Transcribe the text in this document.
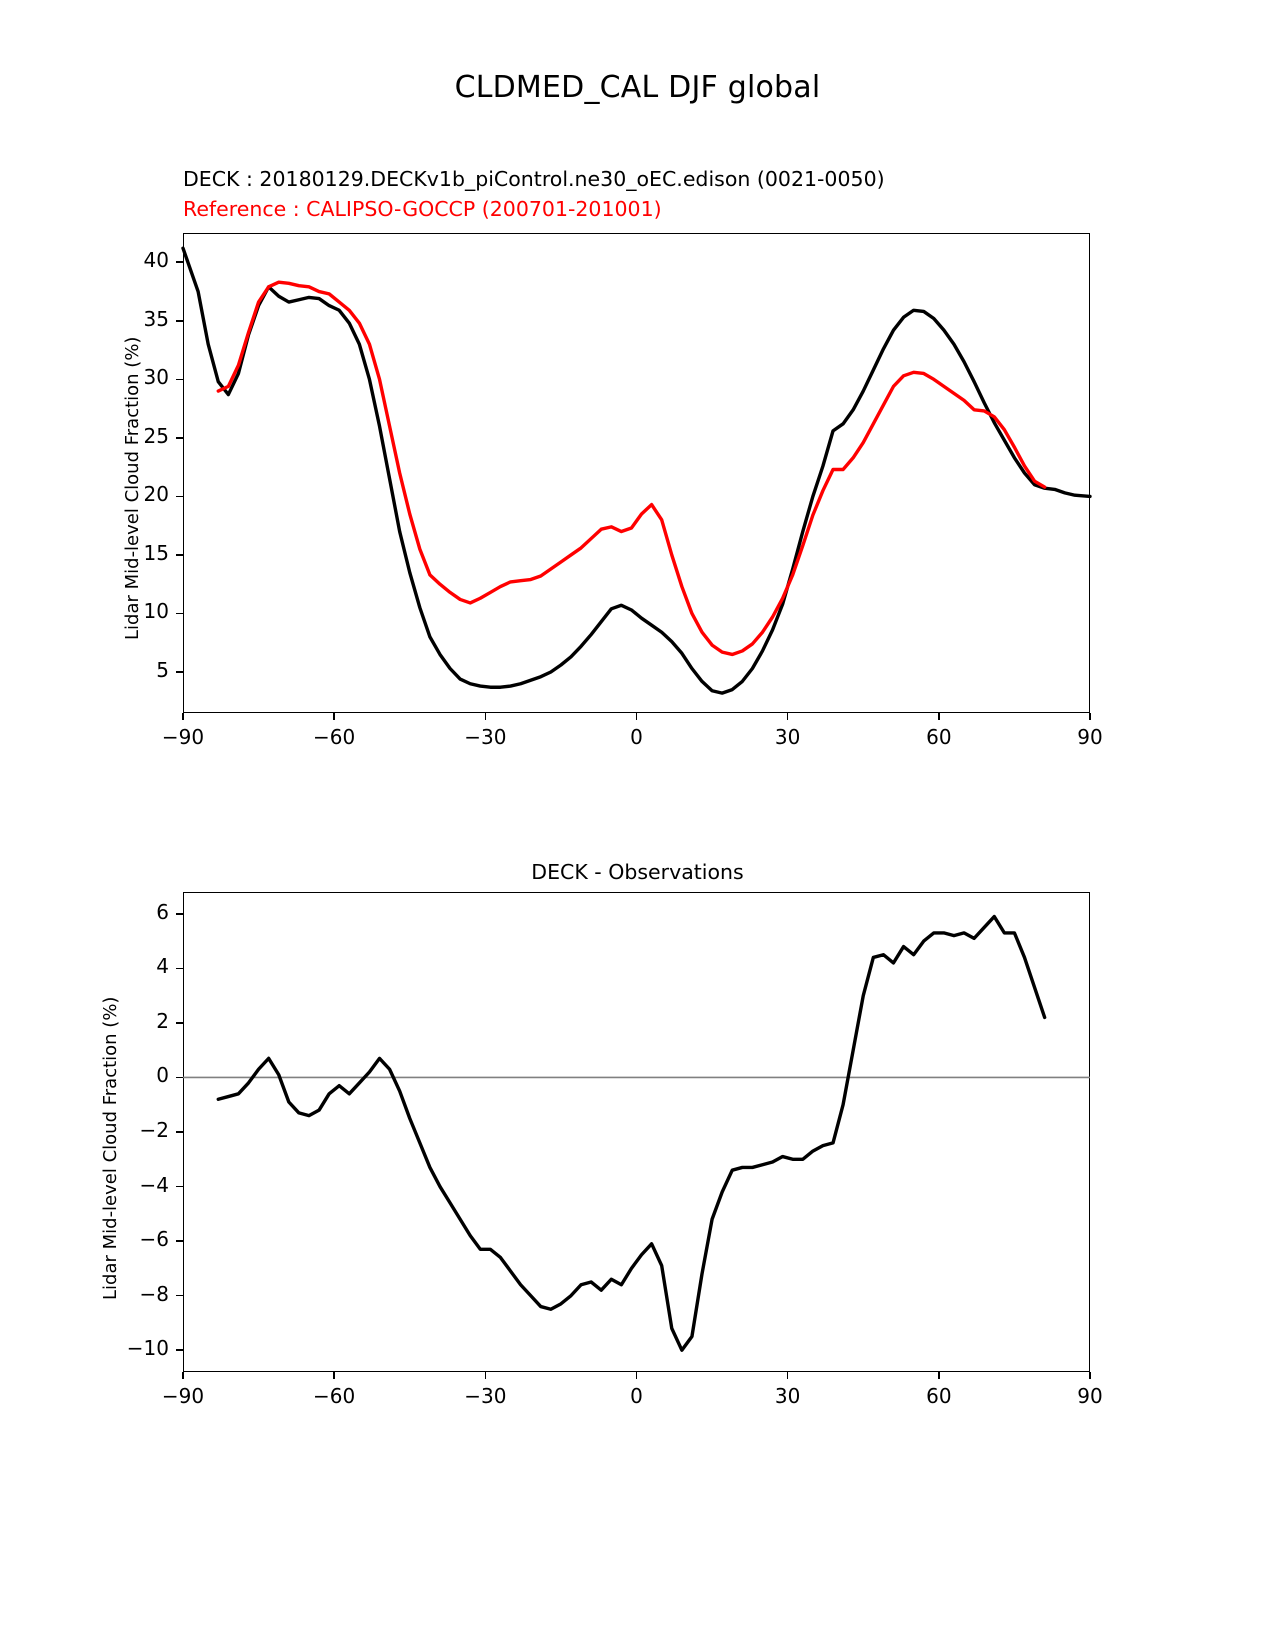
CLDMED_CAL DJF global
DECK : 20180129.DECKv1b_piControl.ne30_oEC.edison (0021-0050)
Reference : CALIPSO-GOCCP (200701-201001)
Lidar Mid-level Cloud Fraction (%)
−90	−60	−30	0	30	60	90
5
10
15
20
25
30
35
40
DECK - Observations
Lidar Mid-level Cloud Fraction (%)
−90	−60	−30	0	30	60	90
−10
−8
−6
−4
−2
0
2
4
6
